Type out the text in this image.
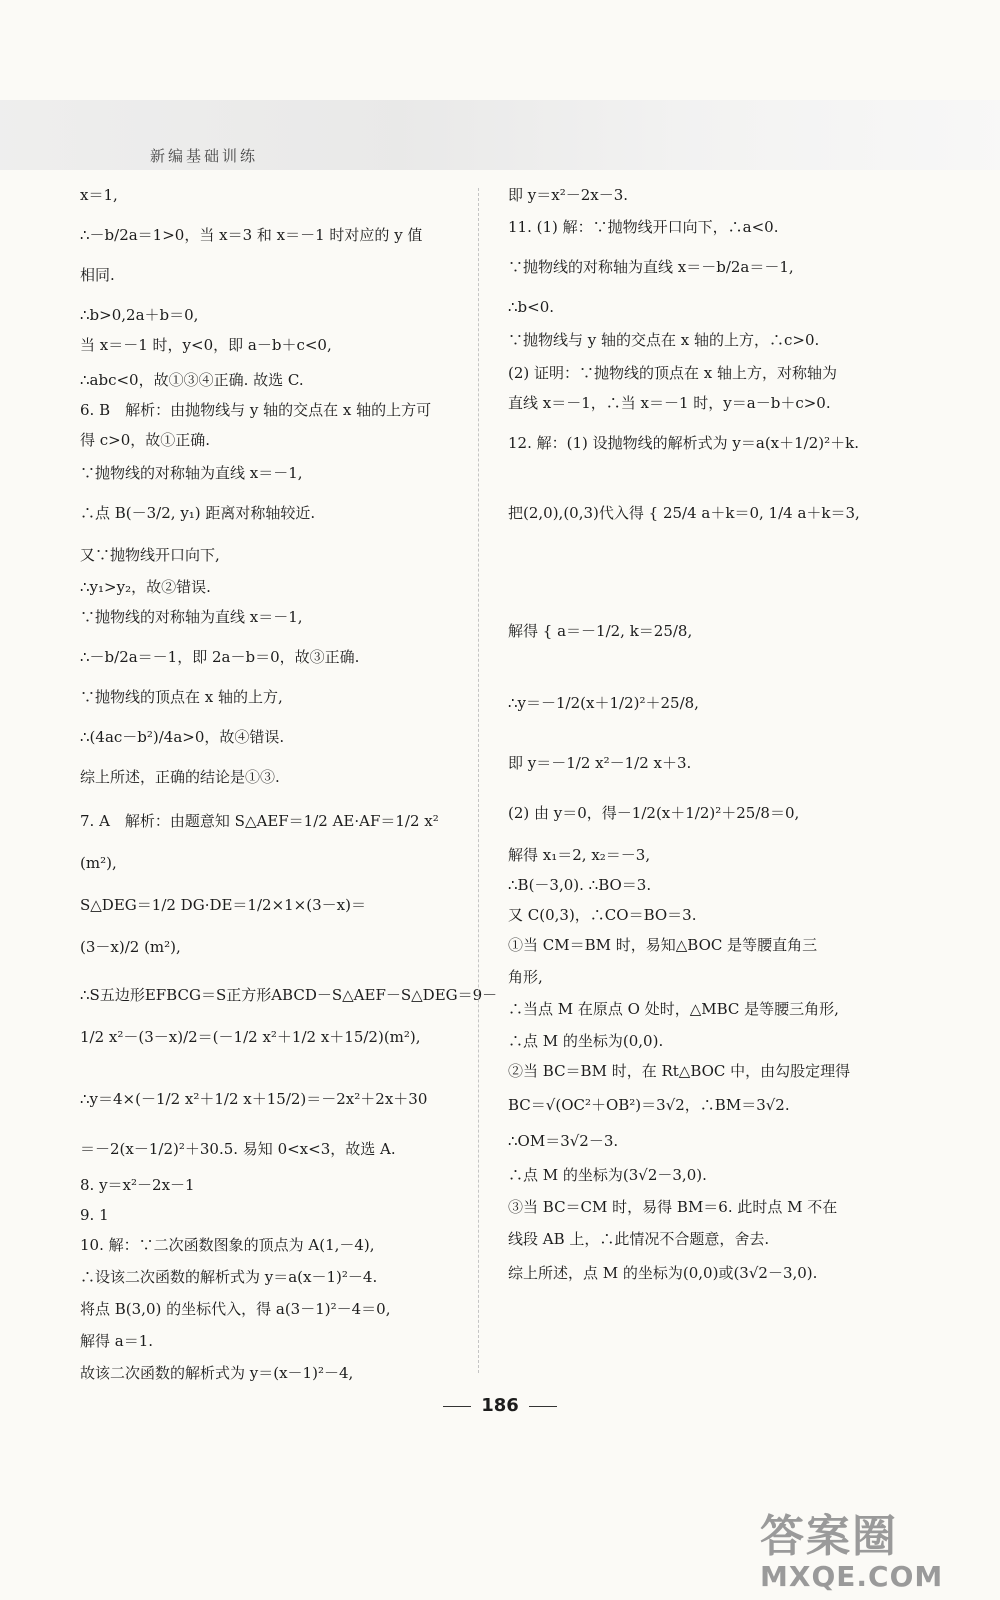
新编基础训练
x＝1,
∴－b/2a＝1>0，当 x＝3 和 x＝－1 时对应的 y 值
相同.
∴b>0,2a＋b＝0,
当 x＝－1 时，y<0，即 a－b＋c<0,
∴abc<0，故①③④正确. 故选 C.
6. B　解析：由抛物线与 y 轴的交点在 x 轴的上方可
得 c>0，故①正确.
∵抛物线的对称轴为直线 x＝－1,
∴点 B(－3/2, y₁) 距离对称轴较近.
又∵抛物线开口向下,
∴y₁>y₂，故②错误.
∵抛物线的对称轴为直线 x＝－1,
∴－b/2a＝－1，即 2a－b＝0，故③正确.
∵抛物线的顶点在 x 轴的上方,
∴(4ac－b²)/4a>0，故④错误.
综上所述，正确的结论是①③.
7. A　解析：由题意知 S△AEF＝1/2 AE·AF＝1/2 x²
(m²),
S△DEG＝1/2 DG·DE＝1/2×1×(3－x)＝
(3－x)/2 (m²),
∴S五边形EFBCG＝S正方形ABCD－S△AEF－S△DEG＝9－
1/2 x²－(3－x)/2＝(－1/2 x²＋1/2 x＋15/2)(m²),
∴y＝4×(－1/2 x²＋1/2 x＋15/2)＝－2x²＋2x＋30
＝－2(x－1/2)²＋30.5. 易知 0<x<3，故选 A.
8. y＝x²－2x－1
9. 1
10. 解：∵二次函数图象的顶点为 A(1,－4),
∴设该二次函数的解析式为 y＝a(x－1)²－4.
将点 B(3,0) 的坐标代入，得 a(3－1)²－4＝0,
解得 a＝1.
故该二次函数的解析式为 y＝(x－1)²－4,
即 y＝x²－2x－3.
11. (1) 解：∵抛物线开口向下，∴a<0.
∵抛物线的对称轴为直线 x＝－b/2a＝－1,
∴b<0.
∵抛物线与 y 轴的交点在 x 轴的上方，∴c>0.
(2) 证明：∵抛物线的顶点在 x 轴上方，对称轴为
直线 x＝－1，∴当 x＝－1 时，y＝a－b＋c>0.
12. 解：(1) 设抛物线的解析式为 y＝a(x＋1/2)²＋k.
把(2,0),(0,3)代入得 { 25/4 a＋k＝0, 1/4 a＋k＝3,
解得 { a＝－1/2, k＝25/8,
∴y＝－1/2(x＋1/2)²＋25/8,
即 y＝－1/2 x²－1/2 x＋3.
(2) 由 y＝0，得－1/2(x＋1/2)²＋25/8＝0,
解得 x₁＝2, x₂＝－3,
∴B(－3,0). ∴BO＝3.
又 C(0,3)，∴CO＝BO＝3.
①当 CM＝BM 时，易知△BOC 是等腰直角三
角形,
∴当点 M 在原点 O 处时，△MBC 是等腰三角形,
∴点 M 的坐标为(0,0).
②当 BC＝BM 时，在 Rt△BOC 中，由勾股定理得
BC＝√(OC²＋OB²)＝3√2，∴BM＝3√2.
∴OM＝3√2－3.
∴点 M 的坐标为(3√2－3,0).
③当 BC＝CM 时，易得 BM＝6. 此时点 M 不在
线段 AB 上，∴此情况不合题意，舍去.
综上所述，点 M 的坐标为(0,0)或(3√2－3,0).
186
答案圈
MXQE.COM
